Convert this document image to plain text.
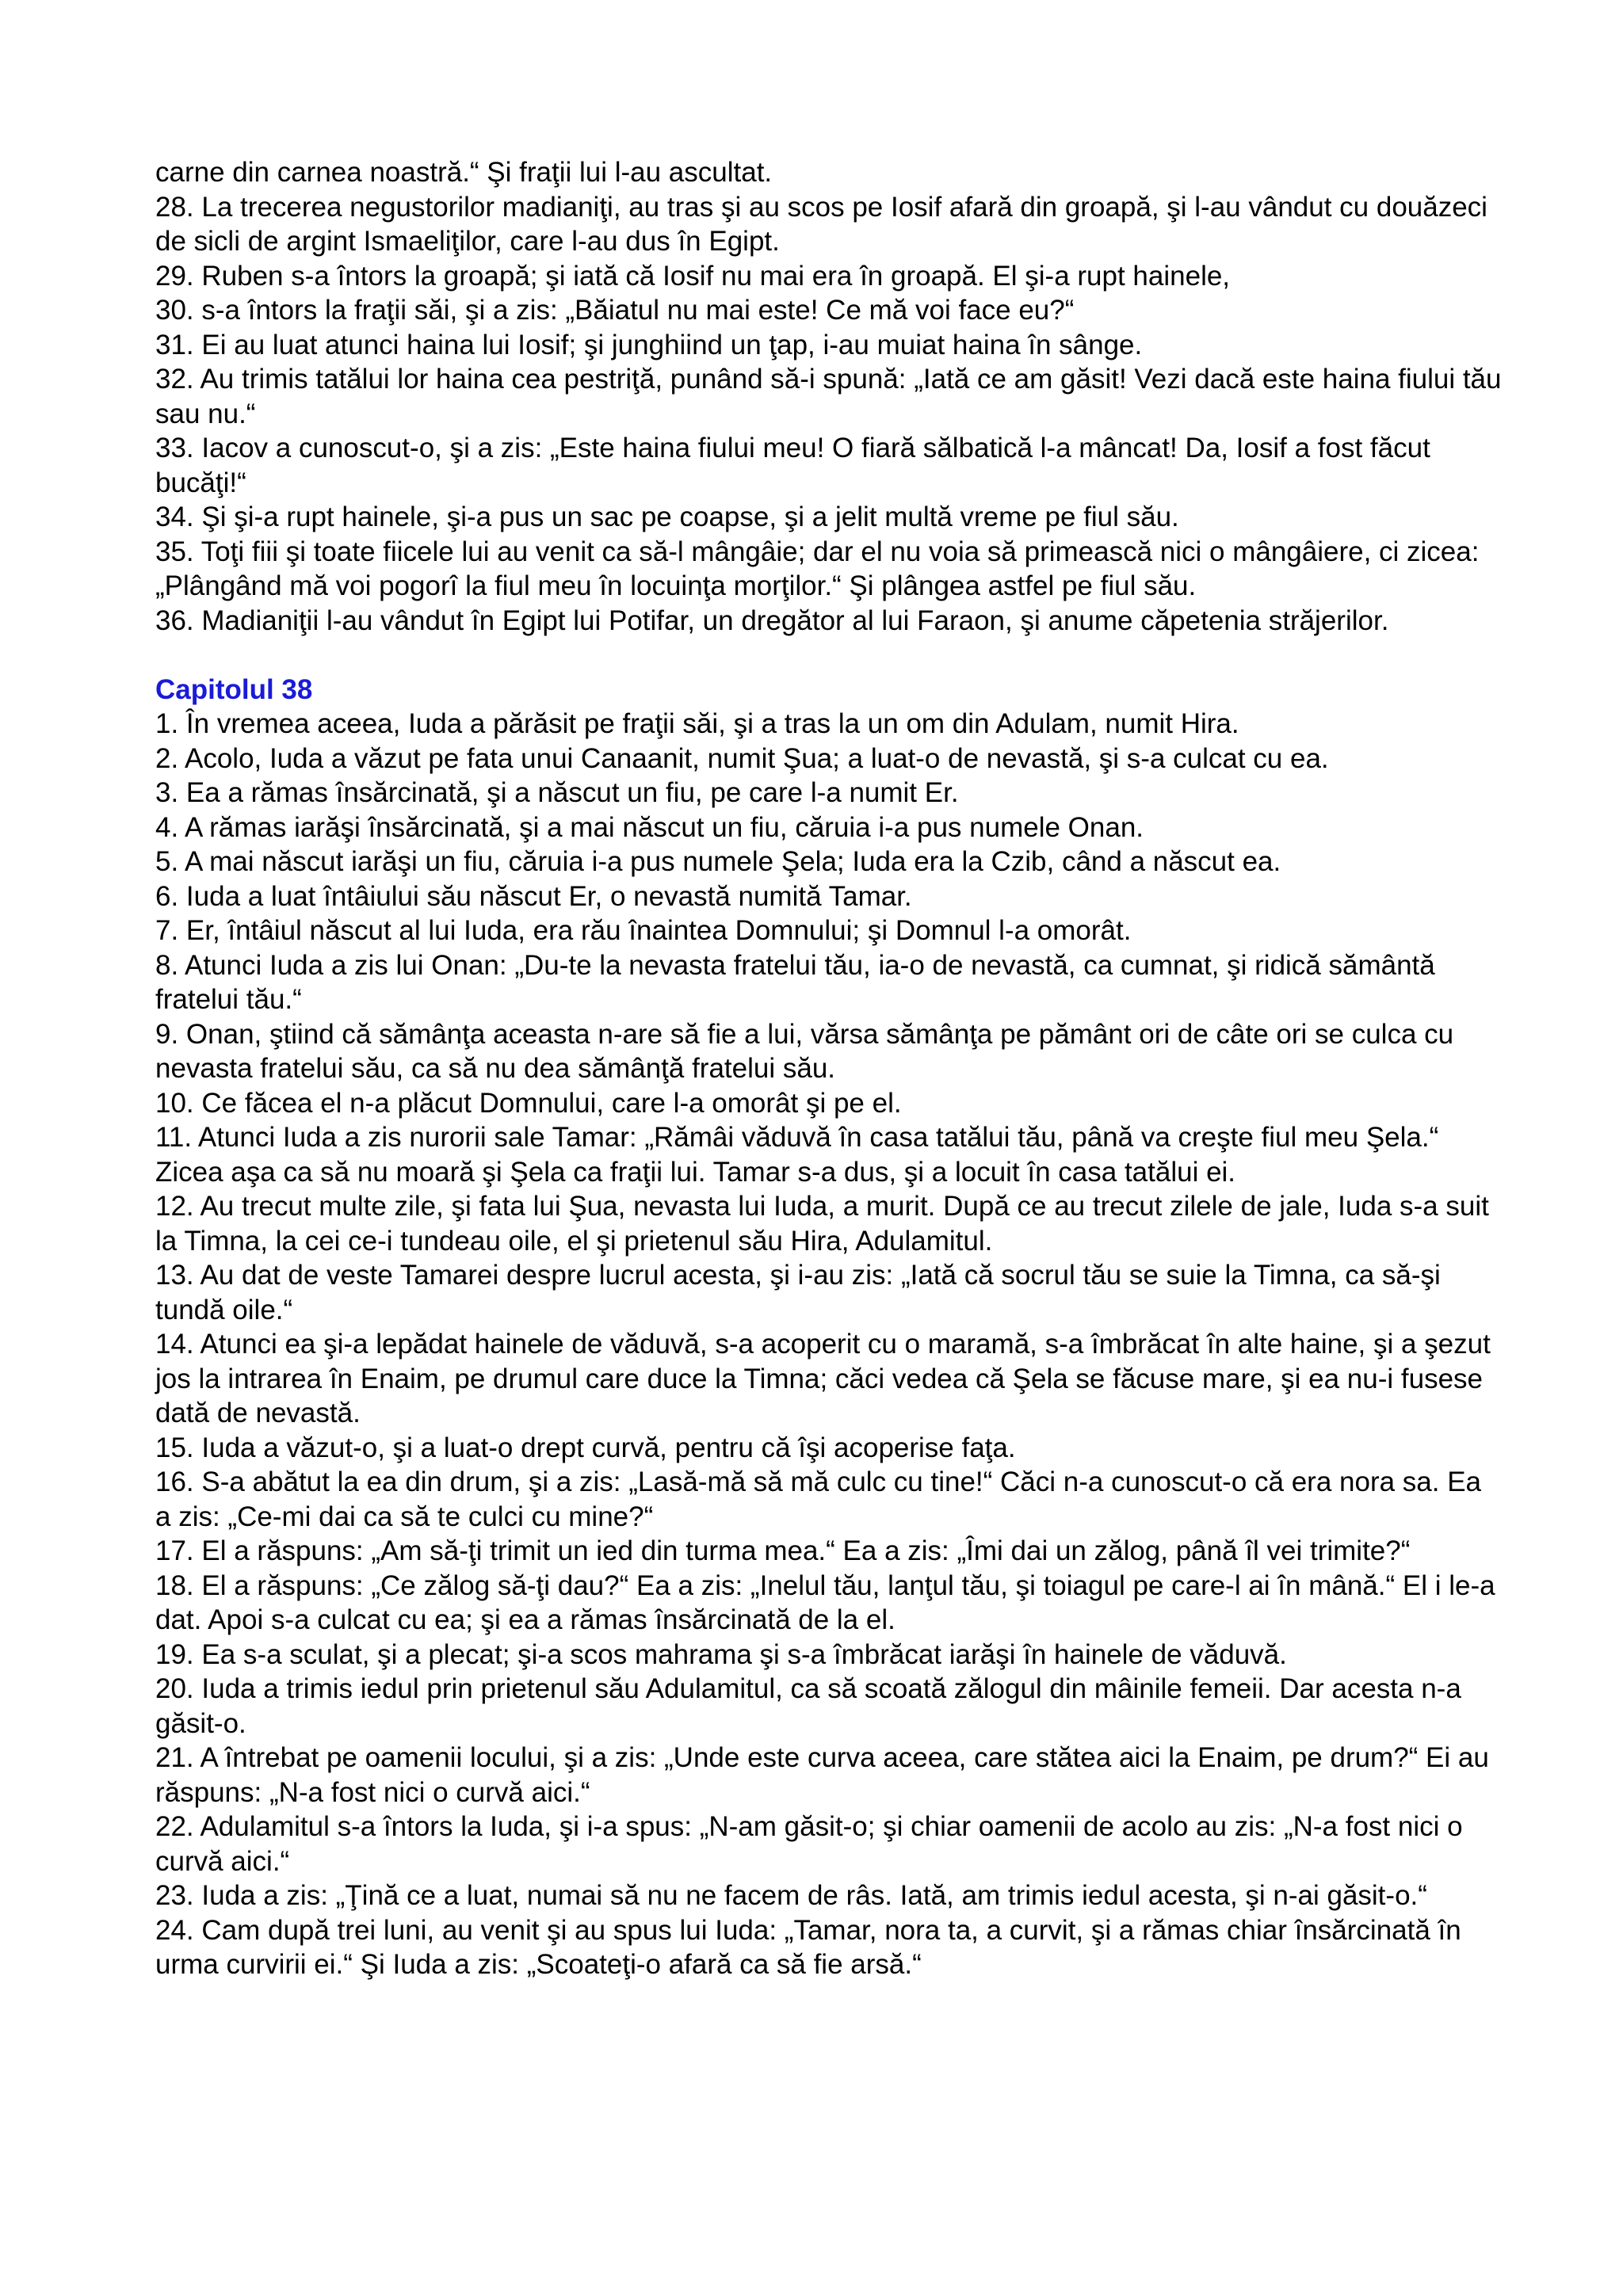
carne din carnea noastră.“ Şi fraţii lui l-au ascultat.

28. La trecerea negustorilor madianiţi, au tras şi au scos pe Iosif afară din groapă, şi l-au vândut cu douăzeci de sicli de argint Ismaeliţilor, care l-au dus în Egipt.

29. Ruben s-a întors la groapă; şi iată că Iosif nu mai era în groapă. El şi-a rupt hainele,

30. s-a întors la fraţii săi, şi a zis: „Băiatul nu mai este! Ce mă voi face eu?“

31. Ei au luat atunci haina lui Iosif; şi junghiind un ţap, i-au muiat haina în sânge.

32. Au trimis tatălui lor haina cea pestriţă, punând să-i spună: „Iată ce am găsit! Vezi dacă este haina fiului tău sau nu.“

33. Iacov a cunoscut-o, şi a zis: „Este haina fiului meu! O fiară sălbatică l-a mâncat! Da, Iosif a fost făcut bucăţi!“

34. Şi şi-a rupt hainele, şi-a pus un sac pe coapse, şi a jelit multă vreme pe fiul său.

35. Toţi fiii şi toate fiicele lui au venit ca să-l mângâie; dar el nu voia să primească nici o mângâiere, ci zicea: „Plângând mă voi pogorî la fiul meu în locuinţa morţilor.“ Şi plângea astfel pe fiul său.

36. Madianiţii l-au vândut în Egipt lui Potifar, un dregător al lui Faraon, şi anume căpetenia străjerilor.

Capitolul 38

1. În vremea aceea, Iuda a părăsit pe fraţii săi, şi a tras la un om din Adulam, numit Hira.

2. Acolo, Iuda a văzut pe fata unui Canaanit, numit Şua; a luat-o de nevastă, şi s-a culcat cu ea.

3. Ea a rămas însărcinată, şi a născut un fiu, pe care l-a numit Er.

4. A rămas iarăşi însărcinată, şi a mai născut un fiu, căruia i-a pus numele Onan.

5. A mai născut iarăşi un fiu, căruia i-a pus numele Şela; Iuda era la Czib, când a născut ea.

6. Iuda a luat întâiului său născut Er, o nevastă numită Tamar.

7. Er, întâiul născut al lui Iuda, era rău înaintea Domnului; şi Domnul l-a omorât.

8. Atunci Iuda a zis lui Onan: „Du-te la nevasta fratelui tău, ia-o de nevastă, ca cumnat, şi ridică sământă fratelui tău.“

9. Onan, ştiind că sămânţa aceasta n-are să fie a lui, vărsa sămânţa pe pământ ori de câte ori se culca cu nevasta fratelui său, ca să nu dea sămânţă fratelui său.

10. Ce făcea el n-a plăcut Domnului, care l-a omorât şi pe el.

11. Atunci Iuda a zis nurorii sale Tamar: „Rămâi văduvă în casa tatălui tău, până va creşte fiul meu Şela.“ Zicea aşa ca să nu moară şi Şela ca fraţii lui. Tamar s-a dus, şi a locuit în casa tatălui ei.

12. Au trecut multe zile, şi fata lui Şua, nevasta lui Iuda, a murit. După ce au trecut zilele de jale, Iuda s-a suit la Timna, la cei ce-i tundeau oile, el şi prietenul său Hira, Adulamitul.

13. Au dat de veste Tamarei despre lucrul acesta, şi i-au zis: „Iată că socrul tău se suie la Timna, ca să-şi tundă oile.“

14. Atunci ea şi-a lepădat hainele de văduvă, s-a acoperit cu o maramă, s-a îmbrăcat în alte haine, şi a şezut jos la intrarea în Enaim, pe drumul care duce la Timna; căci vedea că Şela se făcuse mare, şi ea nu-i fusese dată de nevastă.

15. Iuda a văzut-o, şi a luat-o drept curvă, pentru că îşi acoperise faţa.

16. S-a abătut la ea din drum, şi a zis: „Lasă-mă să mă culc cu tine!“ Căci n-a cunoscut-o că era nora sa. Ea a zis: „Ce-mi dai ca să te culci cu mine?“

17. El a răspuns: „Am să-ţi trimit un ied din turma mea.“ Ea a zis: „Îmi dai un zălog, până îl vei trimite?“

18. El a răspuns: „Ce zălog să-ţi dau?“ Ea a zis: „Inelul tău, lanţul tău, şi toiagul pe care-l ai în mână.“ El i le-a dat. Apoi s-a culcat cu ea; şi ea a rămas însărcinată de la el.

19. Ea s-a sculat, şi a plecat; şi-a scos mahrama şi s-a îmbrăcat iarăşi în hainele de văduvă.

20. Iuda a trimis iedul prin prietenul său Adulamitul, ca să scoată zălogul din mâinile femeii. Dar acesta n-a găsit-o.

21. A întrebat pe oamenii locului, şi a zis: „Unde este curva aceea, care stătea aici la Enaim, pe drum?“ Ei au răspuns: „N-a fost nici o curvă aici.“

22. Adulamitul s-a întors la Iuda, şi i-a spus: „N-am găsit-o; şi chiar oamenii de acolo au zis: „N-a fost nici o curvă aici.“

23. Iuda a zis: „Ţină ce a luat, numai să nu ne facem de râs. Iată, am trimis iedul acesta, şi n-ai găsit-o.“

24. Cam după trei luni, au venit şi au spus lui Iuda: „Tamar, nora ta, a curvit, şi a rămas chiar însărcinată în urma curvirii ei.“ Şi Iuda a zis: „Scoateţi-o afară ca să fie arsă.“
